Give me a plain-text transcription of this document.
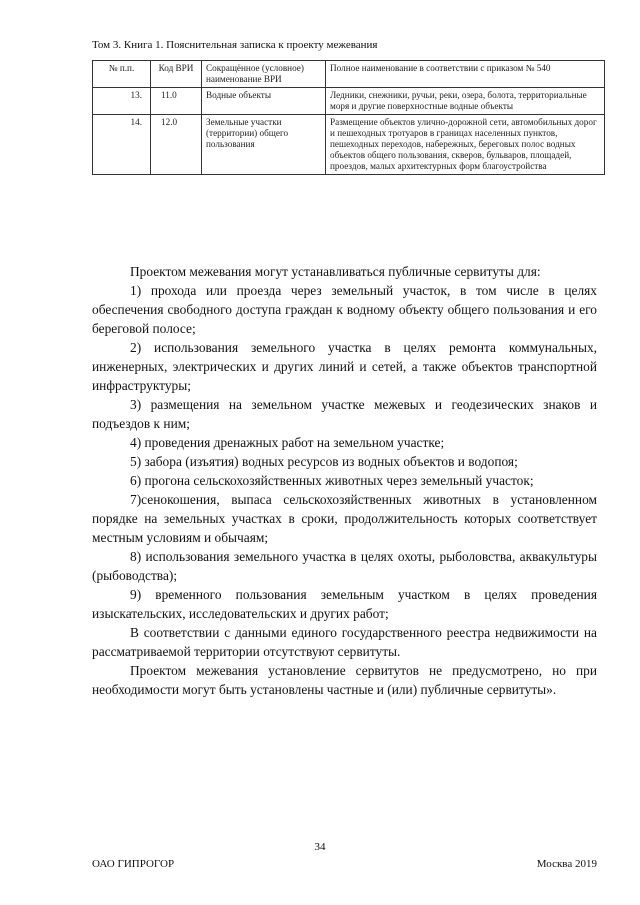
Том 3. Книга 1. Пояснительная записка к проекту межевания
№ п.п.	Код ВРИ	Сокращённое (условное) наименование ВРИ	Полное наименование в соответствии с приказом № 540
13.	11.0	Водные объекты	Ледники, снежники, ручьи, реки, озера, болота, территориальные моря и другие поверхностные водные объекты
14.	12.0	Земельные участки (территории) общего пользования	Размещение объектов улично-дорожной сети, автомобильных дорог и пешеходных тротуаров в границах населенных пунктов, пешеходных переходов, набережных, береговых полос водных объектов общего пользования, скверов, бульваров, площадей, проездов, малых архитектурных форм благоустройства

Проектом межевания могут устанавливаться публичные сервитуты для:

1) прохода или проезда через земельный участок, в том числе в целях обеспечения свободного доступа граждан к водному объекту общего пользования и его береговой полосе;

2) использования земельного участка в целях ремонта коммунальных, инженерных, электрических и других линий и сетей, а также объектов транспортной инфраструктуры;

3) размещения на земельном участке межевых и геодезических знаков и подъездов к ним;

4) проведения дренажных работ на земельном участке;

5) забора (изъятия) водных ресурсов из водных объектов и водопоя;

6) прогона сельскохозяйственных животных через земельный участок;

7)сенокошения, выпаса сельскохозяйственных животных в установленном порядке на земельных участках в сроки, продолжительность которых соответствует местным условиям и обычаям;

8) использования земельного участка в целях охоты, рыболовства, аквакультуры (рыбоводства);

9) временного пользования земельным участком в целях проведения изыскательских, исследовательских и других работ;

В соответствии с данными единого государственного реестра недвижимости на рассматриваемой территории отсутствуют сервитуты.

Проектом межевания установление сервитутов не предусмотрено, но при необходимости могут быть установлены частные и (или) публичные сервитуты».

34
ОАО ГИПРОГОР	Москва 2019
